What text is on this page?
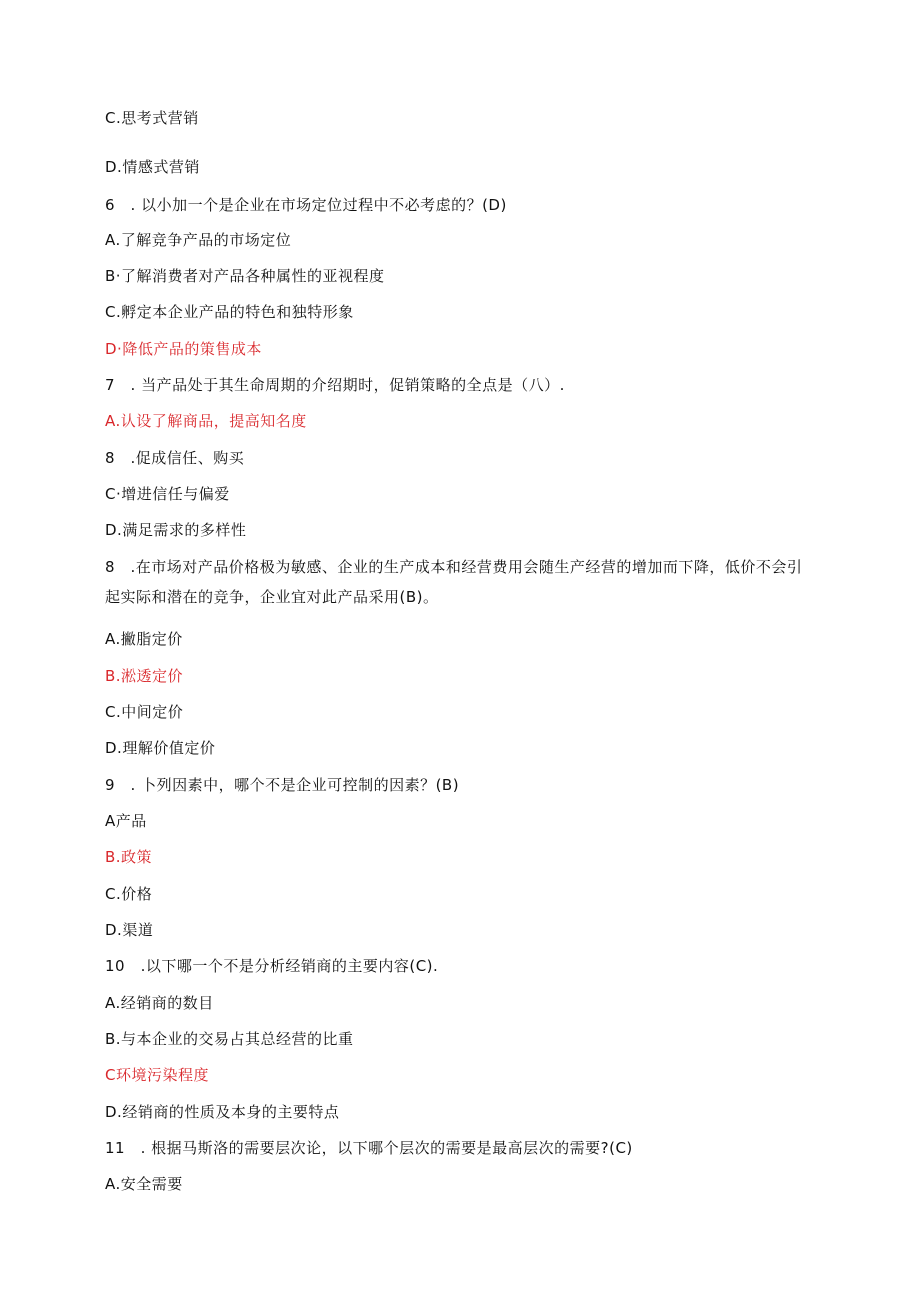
C.思考式营销
D.情感式营销
6　. 以小加一个是企业在市场定位过程中不必考虑的？(D)
A.了解竞争产品的市场定位
B·了解消费者对产品各种属性的亚视程度
C.孵定本企业产品的特色和独特形象
D·降低产品的策售成本
7　. 当产品处于其生命周期的介绍期时，促销策略的全点是（八）.
A.认设了解商品，提高知名度
8　.促成信任、购买
C·增进信任与偏爱
D.满足需求的多样性
8　.在市场对产品价格极为敏感、企业的生产成本和经营费用会随生产经营的增加而下降，低价不会引起实际和潜在的竞争，企业宜对此产品采用(B)。
A.撇脂定价
B.淞透定价
C.中间定价
D.理解价值定价
9　. 卜列因素中，哪个不是企业可控制的因素？(B)
A产品
B.政策
C.价格
D.渠道
10　.以下哪一个不是分析经销商的主要内容(C).
A.经销商的数目
B.与本企业的交易占其总经营的比重
C环境污染程度
D.经销商的性质及本身的主要特点
11　. 根据马斯洛的需要层次论，以下哪个层次的需要是最高层次的需要?(C)
A.安全需要
